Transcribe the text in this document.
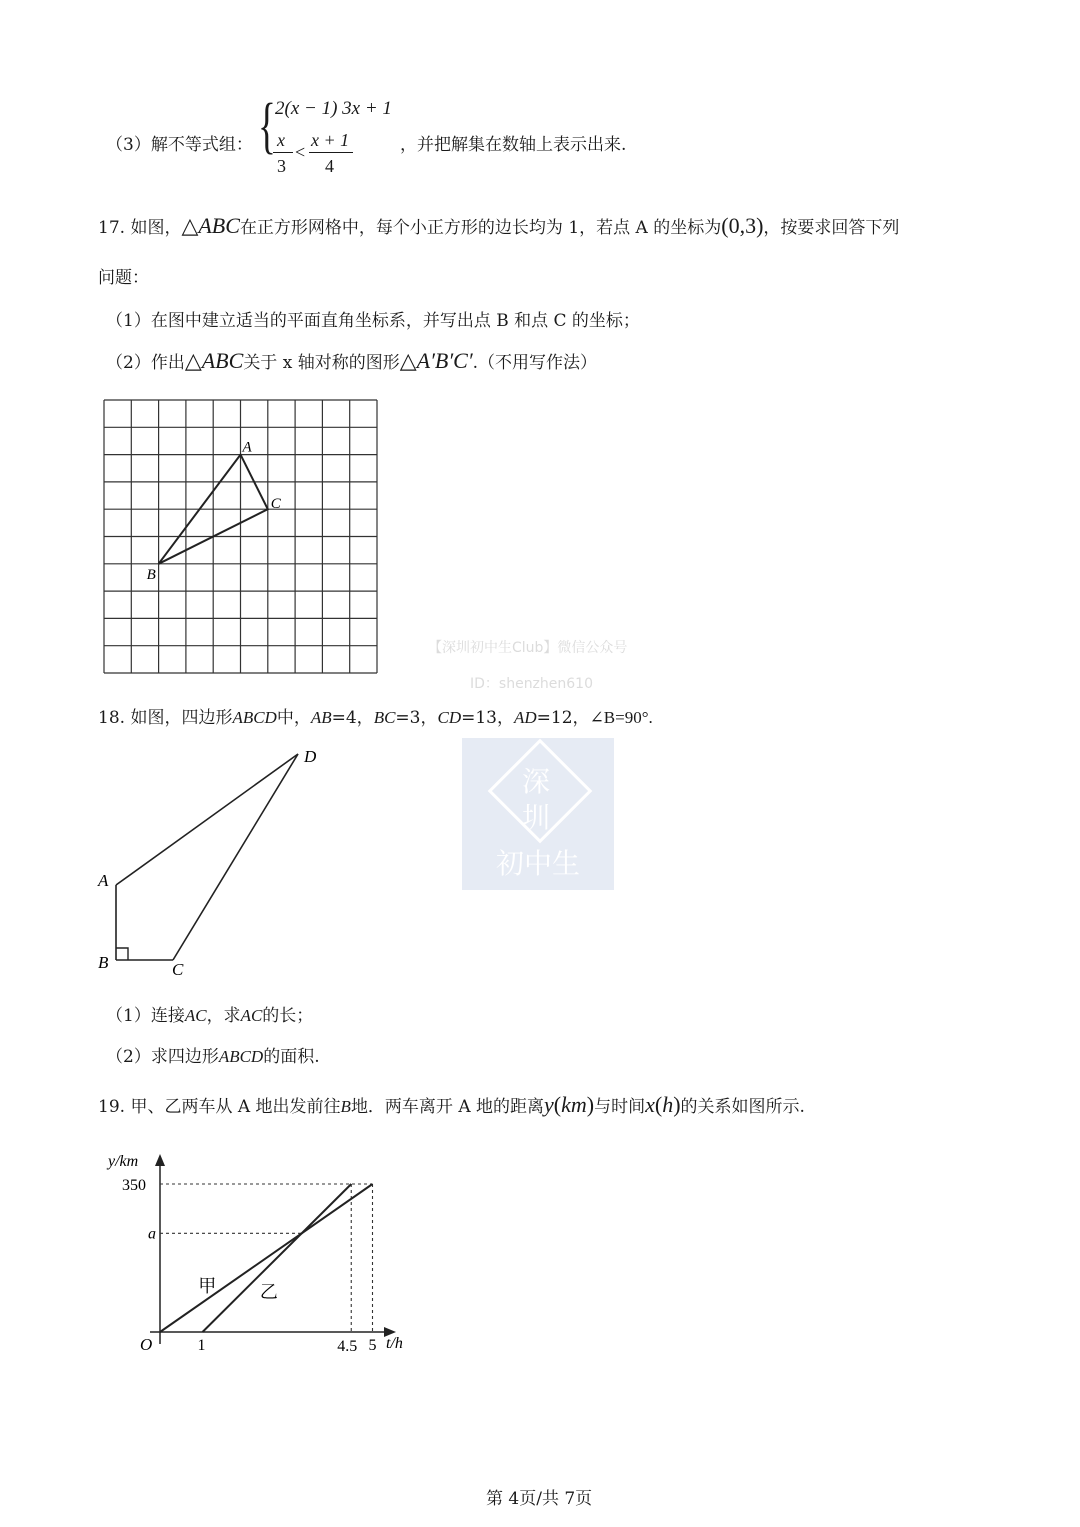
（3）解不等式组： { 2(x − 1) 3x + 1
x
3
<
x + 1
4
，并把解集在数轴上表示出来.
17. 如图，△ABC在正方形网格中，每个小正方形的边长均为 1，若点 A 的坐标为(0,3)，按要求回答下列
问题：
（1）在图中建立适当的平面直角坐标系，并写出点 B 和点 C 的坐标；
（2）作出△ABC关于 x 轴对称的图形△A′B′C′.（不用写作法）
A
B
C
【深圳初中生Club】微信公众号
ID：shenzhen610
深
圳
初中生
18. 如图，四边形ABCD中，AB=4，BC=3，CD=13，AD=12，∠B=90°.
A
B	C
D
（1）连接AC，求AC的长；
（2）求四边形ABCD的面积.
19. 甲、乙两车从 A 地出发前往B地．两车离开 A 地的距离y(km)与时间x(h)的关系如图所示.
350
a
1	4.5 5
甲 乙
y/km
t/h
O
第 4页/共 7页
